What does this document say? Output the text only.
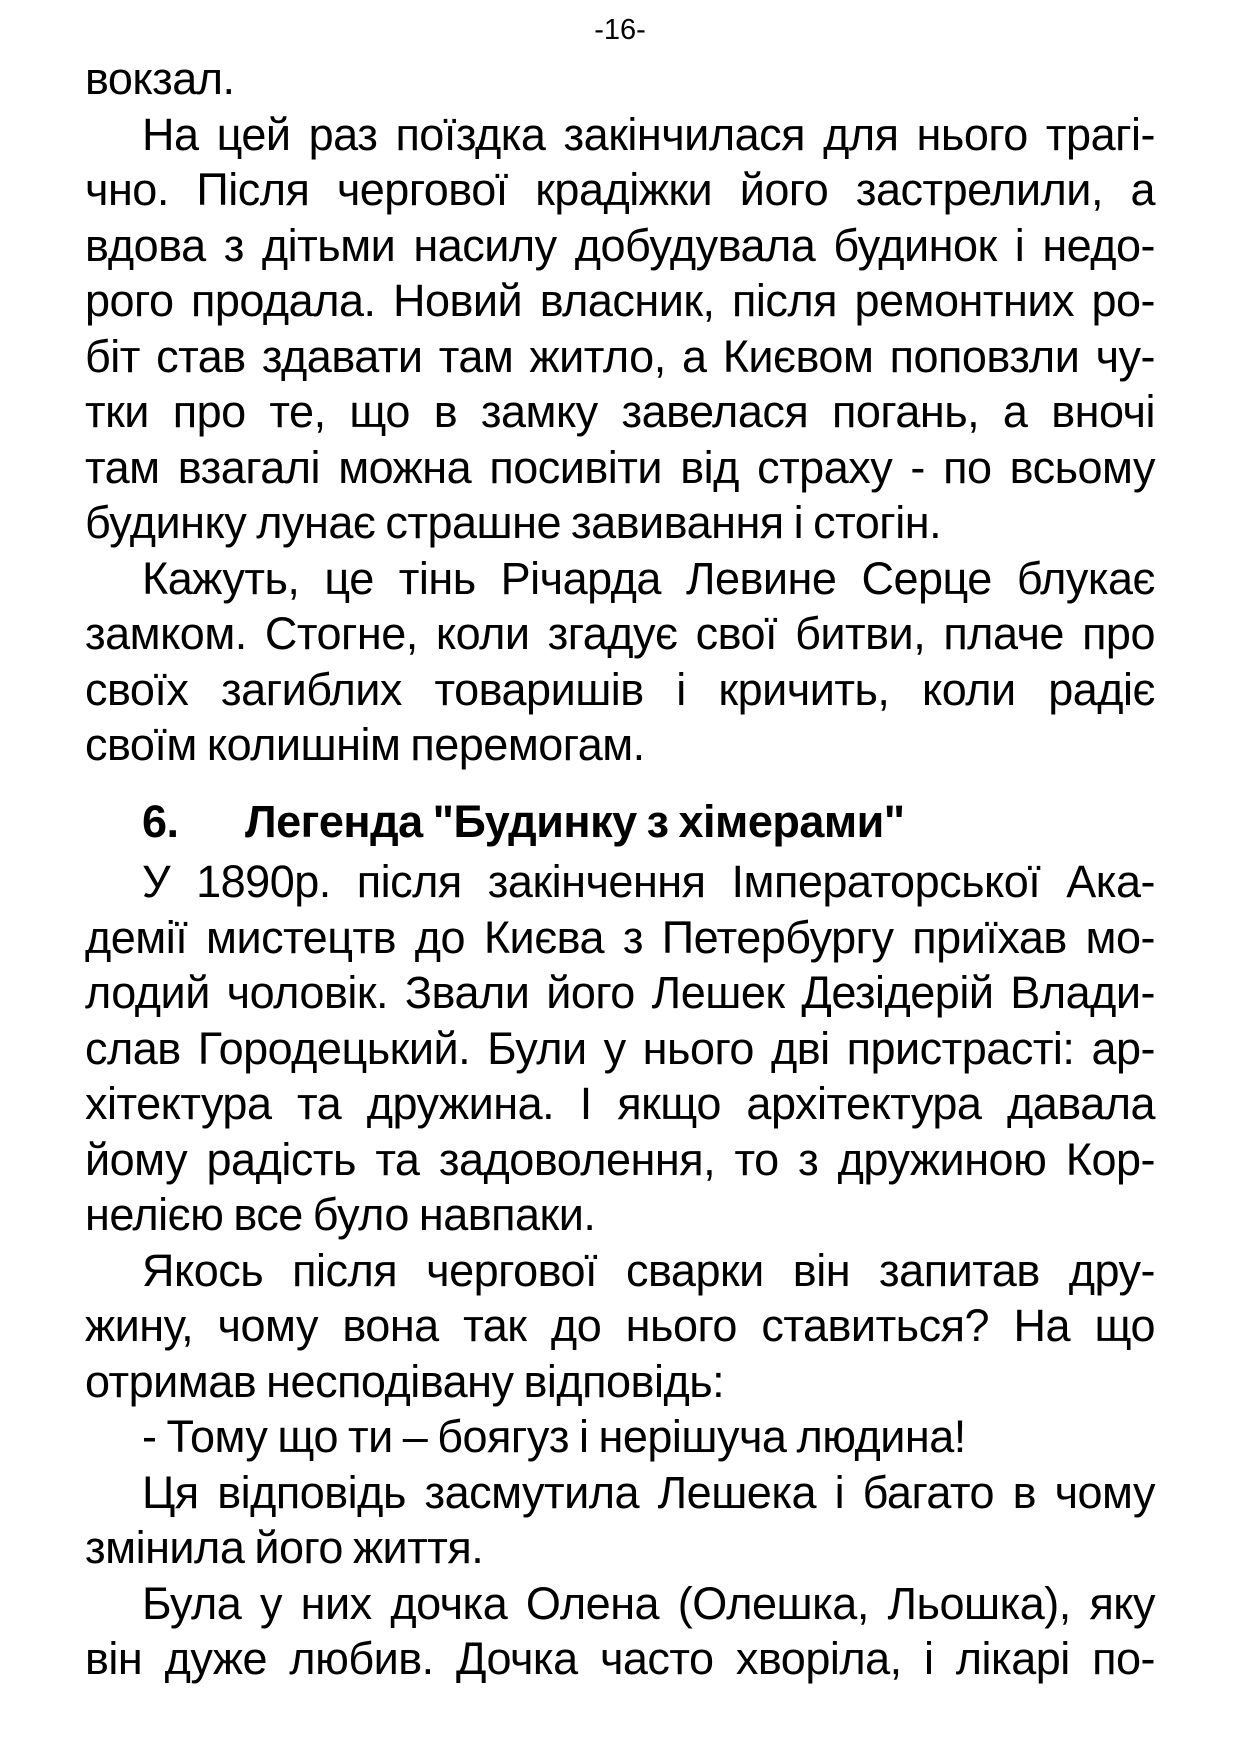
-16-
вокзал.
На цей раз поїздка закінчилася для нього трагі-
чно. Після чергової крадіжки його застрелили, а
вдова з дітьми насилу добудувала будинок і недо-
рого продала. Новий власник, після ремонтних ро-
біт став здавати там житло, а Києвом поповзли чу-
тки про те, що в замку завелася погань, а вночі
там взагалі можна посивіти від страху - по всьому
будинку лунає страшне завивання і стогін.
Кажуть, це тінь Річарда Левине Серце блукає
замком. Стогне, коли згадує свої битви, плаче про
своїх загиблих товаришів і кричить, коли радіє
своїм колишнім перемогам.
6.  Легенда "Будинку з хімерами"
У 1890р. після закінчення Імператорської Ака-
демії мистецтв до Києва з Петербургу приїхав мо-
лодий чоловік. Звали його Лешек Дезідерій Влади-
слав Городецький. Були у нього дві пристрасті: ар-
хітектура та дружина. І якщо архітектура давала
йому радість та задоволення, то з дружиною Кор-
нелією все було навпаки.
Якось після чергової сварки він запитав дру-
жину, чому вона так до нього ставиться? На що
отримав несподівану відповідь:
- Тому що ти – боягуз і нерішуча людина!
Ця відповідь засмутила Лешека і багато в чому
змінила його життя.
Була у них дочка Олена (Олешка, Льошка), яку
він дуже любив. Дочка часто хворіла, і лікарі по-
